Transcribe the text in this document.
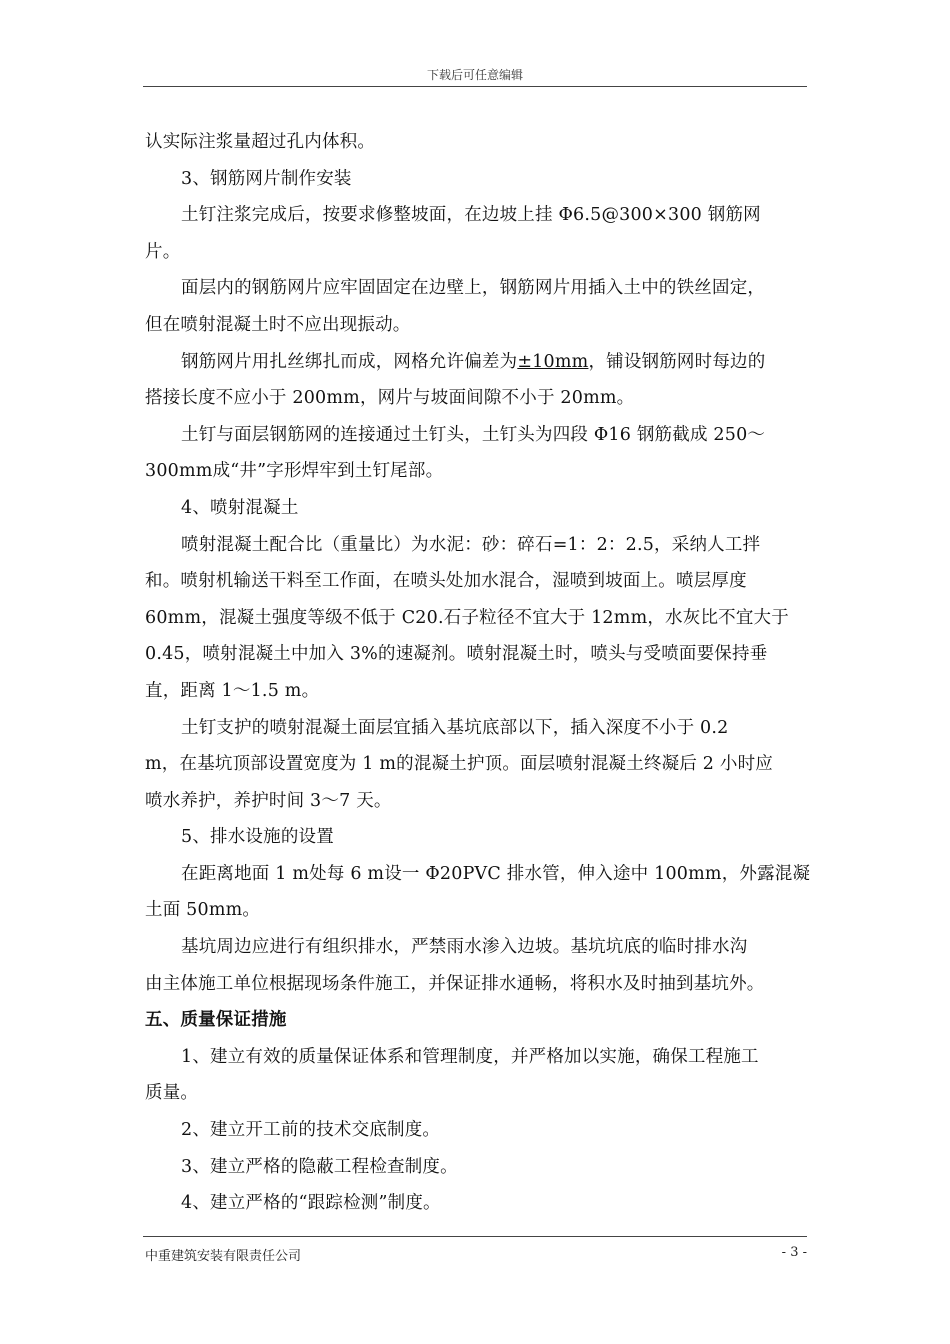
下载后可任意编辑
认实际注浆量超过孔内体积。
3、钢筋网片制作安装
土钉注浆完成后，按要求修整坡面，在边坡上挂 Φ6.5@300×300 钢筋网
片。
面层内的钢筋网片应牢固固定在边壁上，钢筋网片用插入土中的铁丝固定，
但在喷射混凝土时不应出现振动。
钢筋网片用扎丝绑扎而成，网格允许偏差为±10mm，铺设钢筋网时每边的
搭接长度不应小于 200mm，网片与坡面间隙不小于 20mm。
土钉与面层钢筋网的连接通过土钉头，土钉头为四段 Φ16 钢筋截成 250～
300mm成“井”字形焊牢到土钉尾部。
4、喷射混凝土
喷射混凝土配合比（重量比）为水泥：砂：碎石=1：2：2.5，采纳人工拌
和。喷射机输送干料至工作面，在喷头处加水混合，湿喷到坡面上。喷层厚度
60mm，混凝土强度等级不低于 C20.石子粒径不宜大于 12mm，水灰比不宜大于
0.45，喷射混凝土中加入 3%的速凝剂。喷射混凝土时，喷头与受喷面要保持垂
直，距离 1～1.5 m。
土钉支护的喷射混凝土面层宜插入基坑底部以下，插入深度不小于 0.2
m，在基坑顶部设置宽度为 1 m的混凝土护顶。面层喷射混凝土终凝后 2 小时应
喷水养护，养护时间 3～7 天。
5、排水设施的设置
在距离地面 1 m处每 6 m设一 Φ20PVC 排水管，伸入途中 100mm，外露混凝
土面 50mm。
基坑周边应进行有组织排水，严禁雨水渗入边坡。基坑坑底的临时排水沟
由主体施工单位根据现场条件施工，并保证排水通畅，将积水及时抽到基坑外。
五、质量保证措施
1、建立有效的质量保证体系和管理制度，并严格加以实施，确保工程施工
质量。
2、建立开工前的技术交底制度。
3、建立严格的隐蔽工程检查制度。
4、建立严格的“跟踪检测”制度。
中重建筑安装有限责任公司	- 3 -
